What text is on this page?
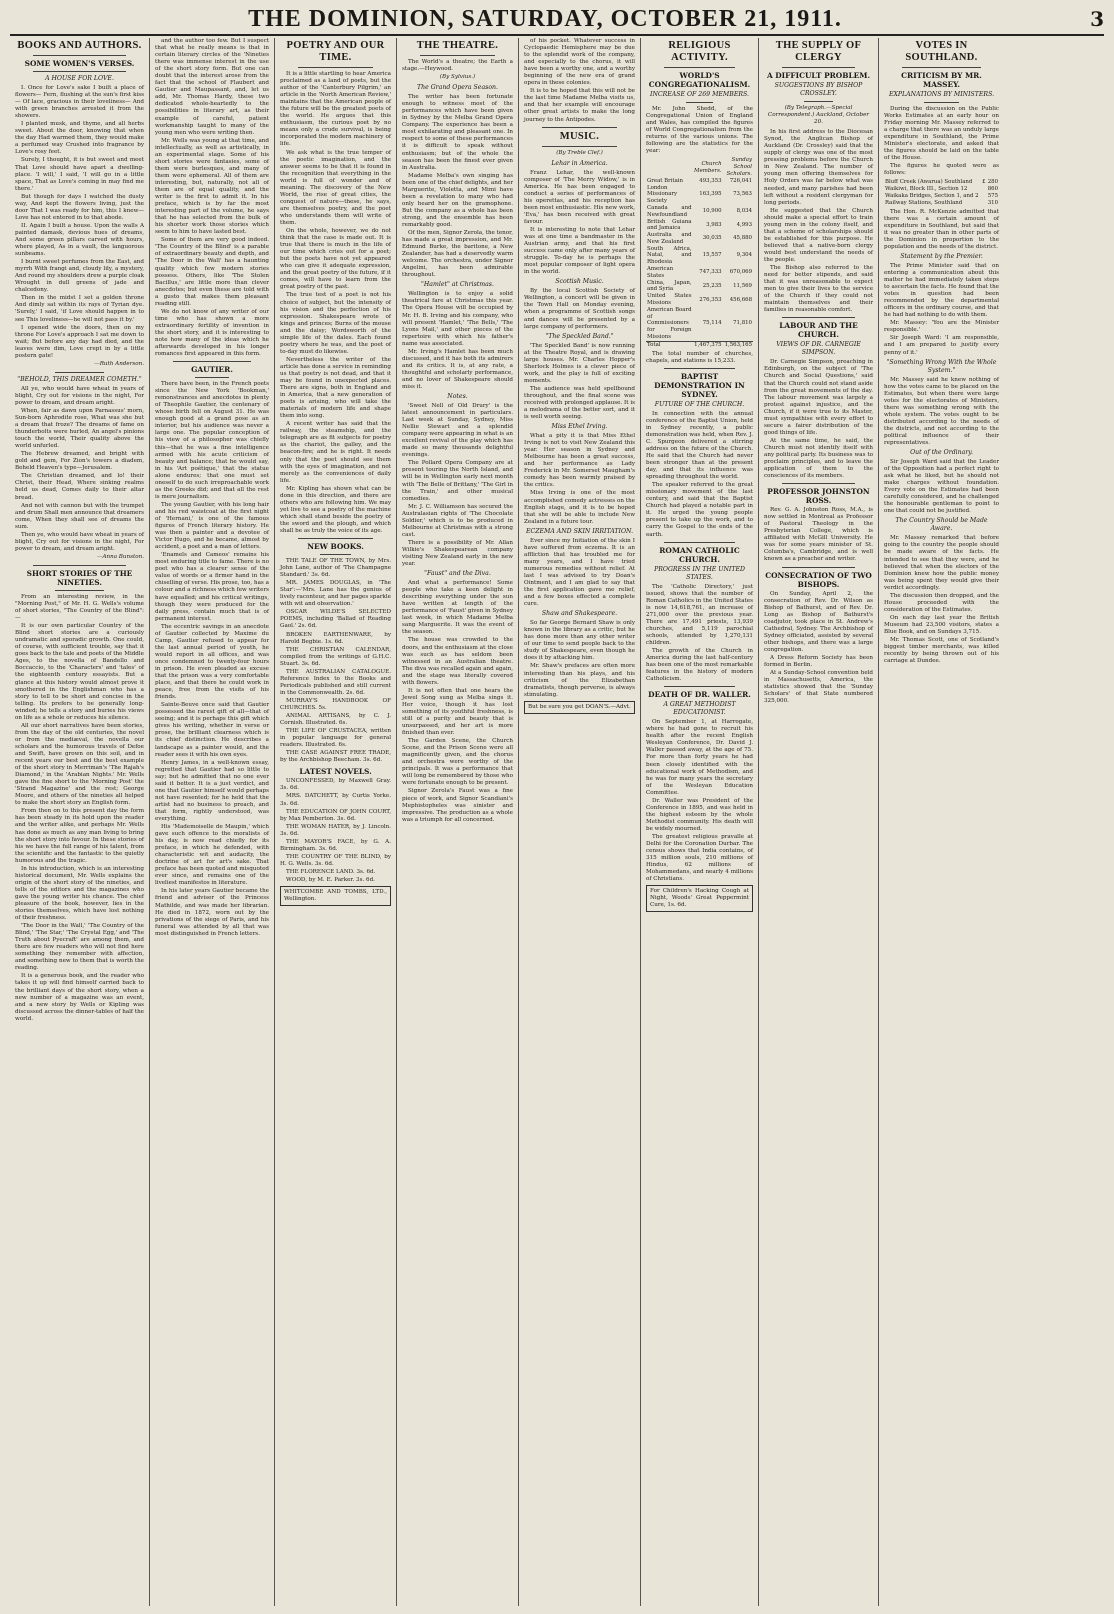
THE DOMINION, SATURDAY, OCTOBER 21, 1911.	3
BOOKS AND AUTHORS.
SOME WOMEN'S VERSES.
A HOUSE FOR LOVE.

I. Once for Love's sake I built a place of flowers— Fern, flushing at the sun's first kiss— Of lace, gracious in their loveliness— And with green branches arrested it from the showers.

I planted musk, and thyme, and all herbs sweet. About the door, knowing that when the day Had warmed them, they would make a perfumed way Crushed into fragrance by Love's rosy feet.

Surely, I thought, it is but sweet and meet That Love should have apart a dwelling-place. 'I will,' I said, 'I will go in a little space, That as Love's coming in may find me there.'

But though for days I watched the dusty way, And kept the flowers living, just the door That I was ready for him, this I knew— Love has not entered in to that abode.

II. Again I built a house. Upon the walls A painted damask, devious hues of dreams, And some green pillars carved with hours, where played, As in a vault, the languorous sunbeams.

I burnt sweet perfumes from the East, and myrrh With frangi and, cloudy lily, a mystery, And round my shoulders drew a purple cloak Wrought in dull greens of jade and chalcedony.

Then in the midst I set a golden throne And dimly sat within its rays of Tyrian dye. 'Surely,' I said, 'if Love should happen in to see This loveliness—he will not pass it by.'

I opened wide the doors, then on my throne For Love's approach I sat me down to wait; But before any day had died, and the leaves were dim, Love crept in by a little postern gate!

—Ruth Anderson.
"BEHOLD, THIS DREAMER COMETH."

All ye, who would have wheat in years of blight, Cry out for visions in the night, For power to dream, and dream aright.

When, fair as dawn upon Parnassus' morn, Sun-born Aphrodite rose, What was she but a dream that froze? The dreams of fame on thunderbolts were hurled, An angel's pinions touch the world, Their quality above the world unfurled.

The Hebrew dreamed, and bright with gold and gem, For Zion's towers a diadem, Beheld Heaven's type—Jerusalem.

The Christian dreamed, and lo! their Christ, their Head, Where sinking realms held us dead, Comes daily to their altar bread.

And not with cannon but with the trumpet and drum Shall men announce that dreamers come, When they shall see of dreams the sum.

Then ye, who would have wheat in years of blight, Cry out for visions in the night, For power to dream, and dream aright.

—Anna Bunston.
SHORT STORIES OF THE NINETIES.

From an interesting review, in the "Morning Post," of Mr. H. G. Wells's volume of short stories, "The Country of the Blind":—

It is our own particular Country of the Blind short stories are a curiously undramatic and sporadic growth. One could, of course, with sufficient trouble, say that it goes back to the tale and poets of the Middle Ages, to the novella of Bandello and Boccaccio, to the 'Characters' and 'tales' of the eighteenth century essayists. But a glance at this history would almost prove it smothered in the Englishman who has a story to tell to be short and concise in the telling. Its prefers to be generally long-winded; he tells a story and buries his views on life as a whole or reduces his silence.

All our short narratives have been stories, from the day of the old centuries, the novel or from the mediæval, the novella our scholars and the humorous travels of Defoe and Swift, have grown on this soil, and in recent years our best and the best example of the short story in Merriman's 'The Rajah's Diamond,' in the 'Arabian Nights.' Mr. Wells gave the fine short to the 'Morning Post' the 'Strand Magazine' and the rest; George Moore, and others of the nineties all helped to make the short story an English form.

From then on to this present day the form has been steady in its hold upon the reader and the writer alike, and perhaps Mr. Wells has done as much as any man living to bring the short story into favour. In these stories of his we have the full range of his talent, from the scientific and the fantastic to the quietly humorous and the tragic.

In his introduction, which is an interesting historical document, Mr. Wells explains the origin of the short story of the nineties, and tells of the editors and the magazines who gave the young writer his chance. The chief pleasure of the book, however, lies in the stories themselves, which have lost nothing of their freshness.

'The Door in the Wall,' 'The Country of the Blind,' 'The Star,' 'The Crystal Egg,' and 'The Truth about Pyecraft' are among them, and there are few readers who will not find here something they remember with affection, and something new to them that is worth the reading.

It is a generous book, and the reader who takes it up will find himself carried back to the brilliant days of the short story, when a new number of a magazine was an event, and a new story by Wells or Kipling was discussed across the dinner-tables of half the world.

and the author too few. But I suspect that what he really means is that in certain literary circles of the 'Nineties there was immense interest in the use of the short story form. But one can doubt that the interest arose from the fact that the school of Flaubert and Gautier and Maupassant, and, let us add, Mr. Thomas Hardy, these two dedicated whole-heartedly to the possibilities in literary art, as their example of careful, patient workmanship taught to many of the young men who were writing then.

Mr. Wells was young at that time, and intellectually, as well as artistically, in an experimental stage. Some of his short stories were fantasies, some of them were burlesques, and many of them were ephemeral. All of them are interesting, but, naturally, not all of them are of equal quality, and the writer is the first to admit it. In his preface, which is by far the most interesting part of the volume, he says that he has selected from the bulk of his shorter work those stories which seem to him to have lasted best.

Some of them are very good indeed. 'The Country of the Blind' is a parable of extraordinary beauty and depth, and 'The Door in the Wall' has a haunting quality which few modern stories possess. Others, like 'The Stolen Bacillus,' are little more than clever anecdotes; but even these are told with a gusto that makes them pleasant reading still.

We do not know of any writer of our time who has shown a more extraordinary fertility of invention in the short story, and it is interesting to note how many of the ideas which he afterwards developed in his longer romances first appeared in this form.

GAUTIER.

There have been, in the French poets since the New York 'Bookman,' remonstrances and anecdotes in plenty of Theophile Gautier, the centenary of whose birth fell on August 31. He was enough good at a grand pose as an interior, but his audience was never a large one. The popular conception of his view of a philosopher was chiefly this—that he was a fine intelligence armed with his acute criticism of beauty and balance; that he would say, in his 'Art poétique,' that the statue alone endures; that one must set oneself to do such irreproachable work as the Greeks did; and that all the rest is mere journalism.

The young Gautier, with his long hair and his red waistcoat at the first night of 'Hernani,' is one of the famous figures of French literary history. He was then a painter and a devotee of Victor Hugo, and he became, almost by accident, a poet and a man of letters.

'Enamels and Cameos' remains his most enduring title to fame. There is no poet who has a clearer sense of the value of words or a firmer hand in the chiselling of verse. His prose, too, has a colour and a richness which few writers have equalled; and his critical writings, though they were produced for the daily press, contain much that is of permanent interest.

The eccentric savings in an anecdote of Gautier collected by Maxime du Camp, Gautier refused to appear for the last annual period of youth, he would report in all offices, and was once condemned to twenty-four hours in prison. He even pleaded as excuse that the prison was a very comfortable place, and that there he could work in peace, free from the visits of his friends.

Sainte-Beuve once said that Gautier possessed the rarest gift of all—that of seeing; and it is perhaps this gift which gives his writing, whether in verse or prose, the brilliant clearness which is its chief distinction. He describes a landscape as a painter would, and the reader sees it with his own eyes.

Henry James, in a well-known essay, regretted that Gautier had so little to say; but he admitted that no one ever said it better. It is a just verdict, and one that Gautier himself would perhaps not have resented; for he held that the artist had no business to preach, and that form, rightly understood, was everything.

His 'Mademoiselle de Maupin,' which gave such offence to the moralists of his day, is now read chiefly for its preface, in which he defended, with characteristic wit and audacity, the doctrine of art for art's sake. That preface has been quoted and misquoted ever since, and remains one of the liveliest manifestos in literature.

In his later years Gautier became the friend and adviser of the Princess Mathilde, and was made her librarian. He died in 1872, worn out by the privations of the siege of Paris, and his funeral was attended by all that was most distinguished in French letters.

POETRY AND OUR TIME.

It is a little startling to hear America proclaimed as a land of poets, but the author of the 'Canterbury Pilgrim,' an article in the 'North American Review,' maintains that the American people of the future will be the greatest poets of the world. He argues that this enthusiasm, the curious poet by no means only a crude survival, is being incorporated the modern machinery of life.

We ask what is the true temper of the poetic imagination, and the answer seems to be that it is found in the recognition that everything in the world is full of wonder and of meaning. The discovery of the New World, the rise of great cities, the conquest of nature—these, he says, are themselves poetry, and the poet who understands them will write of them.

On the whole, however, we do not think that the case is made out. It is true that there is much in the life of our time which cries out for a poet; but the poets have not yet appeared who can give it adequate expression, and the great poetry of the future, if it comes, will have to learn from the great poetry of the past.

The true test of a poet is not his choice of subject, but the intensity of his vision and the perfection of his expression. Shakespeare wrote of kings and princes; Burns of the mouse and the daisy; Wordsworth of the simple life of the dales. Each found poetry where he was, and the poet of to-day must do likewise.

Nevertheless the writer of the article has done a service in reminding us that poetry is not dead, and that it may be found in unexpected places. There are signs, both in England and in America, that a new generation of poets is arising, who will take the materials of modern life and shape them into song.

A recent writer has said that the railway, the steamship, and the telegraph are as fit subjects for poetry as the chariot, the galley, and the beacon-fire; and he is right. It needs only that the poet should see them with the eyes of imagination, and not merely as the conveniences of daily life.

Mr. Kipling has shown what can be done in this direction, and there are others who are following him. We may yet live to see a poetry of the machine which shall stand beside the poetry of the sword and the plough, and which shall be as truly the voice of its age.

NEW BOOKS.

THE TALE OF THE TOWN, by Mrs. John Lane, author of 'The Champagne Standard.' 3s. 6d.

MR. JAMES DOUGLAS, in 'The Star':—'Mrs. Lane has the genius of lively raconteur, and her pages sparkle with wit and observation.'

OSCAR WILDE'S SELECTED POEMS, including 'Ballad of Reading Gaol.' 2s. 6d.

BROKEN EARTHENWARE, by Harold Begbie. 1s. 6d.

THE CHRISTIAN CALENDAR, compiled from the writings of G.H.C. Stuart. 3s. 6d.

THE AUSTRALIAN CATALOGUE. Reference Index to the Books and Periodicals published and still current in the Commonwealth. 2s. 6d.

MURRAY'S HANDBOOK OF CHURCHES. 5s.

ANIMAL ARTISANS, by C. J. Cornish. Illustrated. 6s.

THE LIFE OF CRUSTACEA, written in popular language for general readers. Illustrated. 6s.

THE CASE AGAINST FREE TRADE, by the Archbishop Beecham. 3s. 6d.

LATEST NOVELS.

UNCONFESSED, by Maxwell Gray. 3s. 6d.

MRS. DATCHETT, by Curtis Yorke. 3s. 6d.

THE EDUCATION OF JOHN COURT, by Max Pemberton. 3s. 6d.

THE WOMAN HATER, by J. Lincoln. 3s. 6d.

THE MAYOR'S FACE, by G. A. Birmingham. 3s. 6d.

THE COUNTRY OF THE BLIND, by H. G. Wells. 3s. 6d.

THE FLORENCE LAND. 3s. 6d.

WOOD, by M. E. Parker. 3s. 6d.

WHITCOMBE AND TOMBS, LTD., Wellington.
THE THEATRE.

The World's a theatre; the Earth a stage.—Heywood.

(By Sylvius.)
The Grand Opera Season.

The writer has been fortunate enough to witness most of the performances which have been given in Sydney by the Melba Grand Opera Company. The experience has been a most exhilarating and pleasant one. In respect to some of these performances it is difficult to speak without enthusiasm; but of the whole the season has been the finest ever given in Australia.

Madame Melba's own singing has been one of the chief delights, and her Marguerite, Violetta, and Mimi have been a revelation to many who had only heard her on the gramophone. But the company as a whole has been strong, and the ensemble has been remarkably good.

Of the men, Signor Zerola, the tenor, has made a great impression, and Mr. Edmund Burke, the baritone, a New Zealander, has had a deservedly warm welcome. The orchestra, under Signor Angelini, has been admirable throughout.

"Hamlet" at Christmas.

Wellington is to enjoy a solid theatrical fare at Christmas this year. The Opera House will be occupied by Mr. H. B. Irving and his company, who will present 'Hamlet,' 'The Bells,' 'The Lyons Mail,' and other pieces of the repertoire with which his father's name was associated.

Mr. Irving's Hamlet has been much discussed, and it has both its admirers and its critics. It is, at any rate, a thoughtful and scholarly performance, and no lover of Shakespeare should miss it.

Notes.

'Sweet Nell of Old Drury' is the latest announcement in particulars. Last week at Sunday, Sydney, Miss Nellie Stewart and a splendid company were appearing in what is an excellent revival of the play which has made so many thousands delightful evenings.

The Pollard Opera Company are at present touring the North Island, and will be in Wellington early next month with 'The Belle of Brittany,' 'The Girl in the Train,' and other musical comedies.

Mr. J. C. Williamson has secured the Australasian rights of 'The Chocolate Soldier,' which is to be produced in Melbourne at Christmas with a strong cast.

There is a possibility of Mr. Allan Wilkie's Shakespearean company visiting New Zealand early in the new year.

"Faust" and the Diva.

And what a performance! Some people who take a keen delight in describing everything under the sun have written at length of the performance of 'Faust' given in Sydney last week, in which Madame Melba sang Marguerite. It was the event of the season.

The house was crowded to the doors, and the enthusiasm at the close was such as has seldom been witnessed in an Australian theatre. The diva was recalled again and again, and the stage was literally covered with flowers.

It is not often that one hears the Jewel Song sung as Melba sings it. Her voice, though it has lost something of its youthful freshness, is still of a purity and beauty that is unsurpassed, and her art is more finished than ever.

The Garden Scene, the Church Scene, and the Prison Scene were all magnificently given, and the chorus and orchestra were worthy of the principals. It was a performance that will long be remembered by those who were fortunate enough to be present.

Signor Zerola's Faust was a fine piece of work, and Signor Scandiani's Mephistopheles was sinister and impressive. The production as a whole was a triumph for all concerned.

of his pocket. Whatever success in Cyclopaedic Hemisphere may be due to the splendid work of the company, and especially to the chorus, it will have been a worthy one, and a worthy beginning of the new era of grand opera in these colonies.

It is to be hoped that this will not be the last time Madame Melba visits us, and that her example will encourage other great artists to make the long journey to the Antipodes.

MUSIC.
(By Treble Clef.)
Lehar in America.

Franz Lehar, the well-known composer of 'The Merry Widow,' is in America. He has been engaged to conduct a series of performances of his operettas, and his reception has been most enthusiastic. His new work, 'Eva,' has been received with great favour.

It is interesting to note that Lehar was at one time a bandmaster in the Austrian army, and that his first success came only after many years of struggle. To-day he is perhaps the most popular composer of light opera in the world.

Scottish Music.

By the local Scottish Society of Wellington, a concert will be given in the Town Hall on Monday evening, when a programme of Scottish songs and dances will be presented by a large company of performers.

"The Speckled Band."

'The Speckled Band' is now running at the Theatre Royal, and is drawing large houses. Mr. Charles Hopper's Sherlock Holmes is a clever piece of work, and the play is full of exciting moments.

The audience was held spellbound throughout, and the final scene was received with prolonged applause. It is a melodrama of the better sort, and it is well worth seeing.

Miss Ethel Irving.

What a pity it is that Miss Ethel Irving is not to visit New Zealand this year. Her season in Sydney and Melbourne has been a great success, and her performance as Lady Frederick in Mr. Somerset Maugham's comedy has been warmly praised by the critics.

Miss Irving is one of the most accomplished comedy actresses on the English stage, and it is to be hoped that she will be able to include New Zealand in a future tour.

ECZEMA AND SKIN IRRITATION.

Ever since my Initiation of the skin I have suffered from eczema. It is an affliction that has troubled me for many years, and I have tried numerous remedies without relief. At last I was advised to try Doan's Ointment, and I am glad to say that the first application gave me relief, and a few boxes effected a complete cure.

Shaw and Shakespeare.

So far George Bernard Shaw is only known in the library as a critic, but he has done more than any other writer of our time to send people back to the study of Shakespeare, even though he does it by attacking him.

Mr. Shaw's prefaces are often more interesting than his plays, and his criticism of the Elizabethan dramatists, though perverse, is always stimulating.

But be sure you get DOAN'S.—Advt.
RELIGIOUS ACTIVITY.
WORLD'S CONGREGATIONALISM.
INCREASE OF 269 MEMBERS.

Mr. John Shedd, of the Congregational Union of England and Wales, has compiled the figures of World Congregationalism from the returns of the various unions. The following are the statistics for the year:

	Church Members.	Sunday School Scholars.
Great Britain	493,353	726,041
London Missionary Society	163,395	73,563
Canada and Newfoundland	10,900	8,034
British Guiana and Jamaica	3,983	4,993
Australia and New Zealand	30,035	45,880
South Africa, Natal, and Rhodesia	15,557	9,304
American States	747,333	670,069
China, Japan, and Syria	25,235	11,569
United States Missions	276,353	456,668
American Board of Commissioners for Foreign Missions	75,114	71,810
Total	1,467,375	1,563,165

The total number of churches, chapels, and stations is 15,233.

BAPTIST DEMONSTRATION IN SYDNEY.
FUTURE OF THE CHURCH.

In connection with the annual conference of the Baptist Union, held in Sydney recently, a public demonstration was held, when Rev. J. C. Spurgeon delivered a stirring address on the future of the Church. He said that the Church had never been stronger than at the present day, and that its influence was spreading throughout the world.

The speaker referred to the great missionary movement of the last century, and said that the Baptist Church had played a notable part in it. He urged the young people present to take up the work, and to carry the Gospel to the ends of the earth.

ROMAN CATHOLIC CHURCH.
PROGRESS IN THE UNITED STATES.

The 'Catholic Directory,' just issued, shows that the number of Roman Catholics in the United States is now 14,618,761, an increase of 271,000 over the previous year. There are 17,491 priests, 13,939 churches, and 5,119 parochial schools, attended by 1,270,131 children.

The growth of the Church in America during the last half-century has been one of the most remarkable features in the history of modern Catholicism.

DEATH OF DR. WALLER.
A GREAT METHODIST EDUCATIONIST.

On September 1, at Harrogate, where he had gone to recruit his health after the recent English Wesleyan Conference, Dr. David J. Waller passed away, at the age of 75. For more than forty years he had been closely identified with the educational work of Methodism, and he was for many years the secretary of the Wesleyan Education Committee.

Dr. Waller was President of the Conference in 1895, and was held in the highest esteem by the whole Methodist community. His death will be widely mourned.

The greatest religious pravalle at Delhi for the Coronation Durbar. The census shows that India contains, of 315 million souls, 210 millions of Hindus, 62 millions of Mohammedans, and nearly 4 millions of Christians.

For Children's Hacking Cough at Night, Woods' Great Peppermint Cure, 1s. 6d.
THE SUPPLY OF CLERGY
A DIFFICULT PROBLEM.
SUGGESTIONS BY BISHOP CROSSLEY.
(By Telegraph.—Special Correspondent.) Auckland, October 20.

In his first address to the Diocesan Synod, the Anglican Bishop of Auckland (Dr. Crossley) said that the supply of clergy was one of the most pressing problems before the Church in New Zealand. The number of young men offering themselves for Holy Orders was far below what was needed, and many parishes had been left without a resident clergyman for long periods.

He suggested that the Church should make a special effort to train young men in the colony itself, and that a scheme of scholarships should be established for this purpose. He believed that a native-born clergy would best understand the needs of the people.

The Bishop also referred to the need for better stipends, and said that it was unreasonable to expect men to give their lives to the service of the Church if they could not maintain themselves and their families in reasonable comfort.

LABOUR AND THE CHURCH.
VIEWS OF DR. CARNEGIE SIMPSON.

Dr. Carnegie Simpson, preaching in Edinburgh, on the subject of 'The Church and Social Questions,' said that the Church could not stand aside from the great movements of the day. The labour movement was largely a protest against injustice, and the Church, if it were true to its Master, must sympathise with every effort to secure a fairer distribution of the good things of life.

At the same time, he said, the Church must not identify itself with any political party. Its business was to proclaim principles, and to leave the application of them to the consciences of its members.

PROFESSOR JOHNSTON ROSS.

Rev. G. A. Johnston Ross, M.A., is now settled in Montreal as Professor of Pastoral Theology in the Presbyterian College, which is affiliated with McGill University. He was for some years minister of St. Columba's, Cambridge, and is well known as a preacher and writer.

CONSECRATION OF TWO BISHOPS.

On Sunday, April 2, the consecration of Rev. Dr. Wilson as Bishop of Bathurst, and of Rev. Dr. Long as Bishop of Bathurst's coadjutor, took place in St. Andrew's Cathedral, Sydney. The Archbishop of Sydney officiated, assisted by several other bishops, and there was a large congregation.

A Dress Reform Society has been formed in Berlin.

At a Sunday-School convention held in Massachusetts, America, the statistics showed that the 'Sunday Scholars' of that State numbered 325,000.

VOTES IN SOUTHLAND.
CRITICISM BY MR. MASSEY.
EXPLANATIONS BY MINISTERS.

During the discussion on the Public Works Estimates at an early hour on Friday morning Mr. Massey referred to a charge that there was an unduly large expenditure in Southland, the Prime Minister's electorate, and asked that the figures should be laid on the table of the House.

The figures he quoted were as follows:

Bluff Creek (Awarua) Southland	£	280
Waikiwi, Block III., Section 12		860
Waikaka Bridges, Section 1, and 2		575
Railway Stations, Southland		310

The Hon. R. McKenzie admitted that there was a certain amount of expenditure in Southland, but said that it was no greater than in other parts of the Dominion in proportion to the population and the needs of the district.

Statement by the Premier.

The Prime Minister said that on entering a communication about this matter he had immediately taken steps to ascertain the facts. He found that the votes in question had been recommended by the departmental officers in the ordinary course, and that he had had nothing to do with them.

Mr. Massey: 'You are the Minister responsible.'

Sir Joseph Ward: 'I am responsible, and I am prepared to justify every penny of it.'

"Something Wrong With the Whole System."

Mr. Massey said he knew nothing of how the votes came to be placed on the Estimates, but when there were large votes for the electorates of Ministers, there was something wrong with the whole system. The votes ought to be distributed according to the needs of the districts, and not according to the political influence of their representatives.

Out of the Ordinary.

Sir Joseph Ward said that the Leader of the Opposition had a perfect right to ask what he liked, but he should not make charges without foundation. Every vote on the Estimates had been carefully considered, and he challenged the honourable gentleman to point to one that could not be justified.

The Country Should be Made Aware.

Mr. Massey remarked that before going to the country the people should be made aware of the facts. He intended to see that they were, and he believed that when the electors of the Dominion knew how the public money was being spent they would give their verdict accordingly.

The discussion then dropped, and the House proceeded with the consideration of the Estimates.

On each day last year the British Museum had 23,500 visitors, states a Blue Book, and on Sundays 3,715.

Mr. Thomas Scott, one of Scotland's biggest timber merchants, was killed recently by being thrown out of his carriage at Dundee.
